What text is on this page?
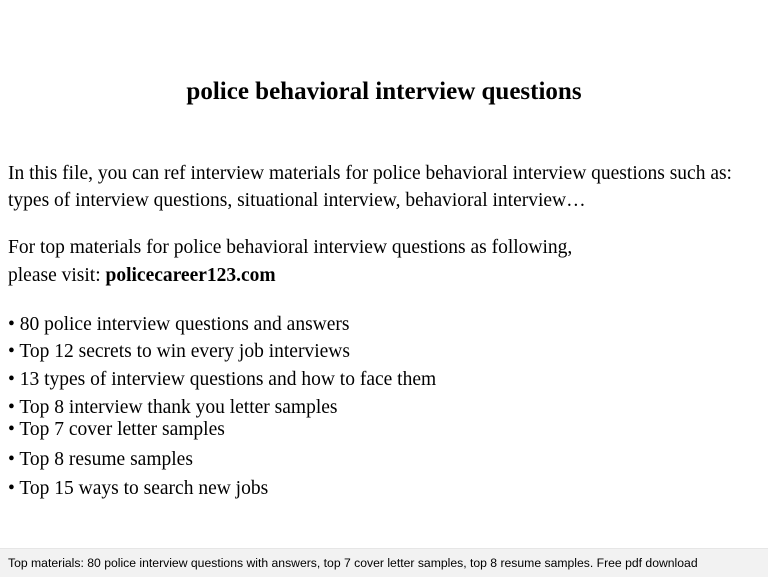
police behavioral interview questions

In this file, you can ref interview materials for police behavioral interview questions such as: types of interview questions, situational interview, behavioral interview…

For top materials for police behavioral interview questions as following,
please visit: policecareer123.com

• 80 police interview questions and answers
• Top 12 secrets to win every job interviews
• 13 types of interview questions and how to face them
• Top 8 interview thank you letter samples
• Top 7 cover letter samples
• Top 8 resume samples
• Top 15 ways to search new jobs
Top materials: 80 police interview questions with answers, top 7 cover letter samples, top 8 resume samples. Free pdf download
